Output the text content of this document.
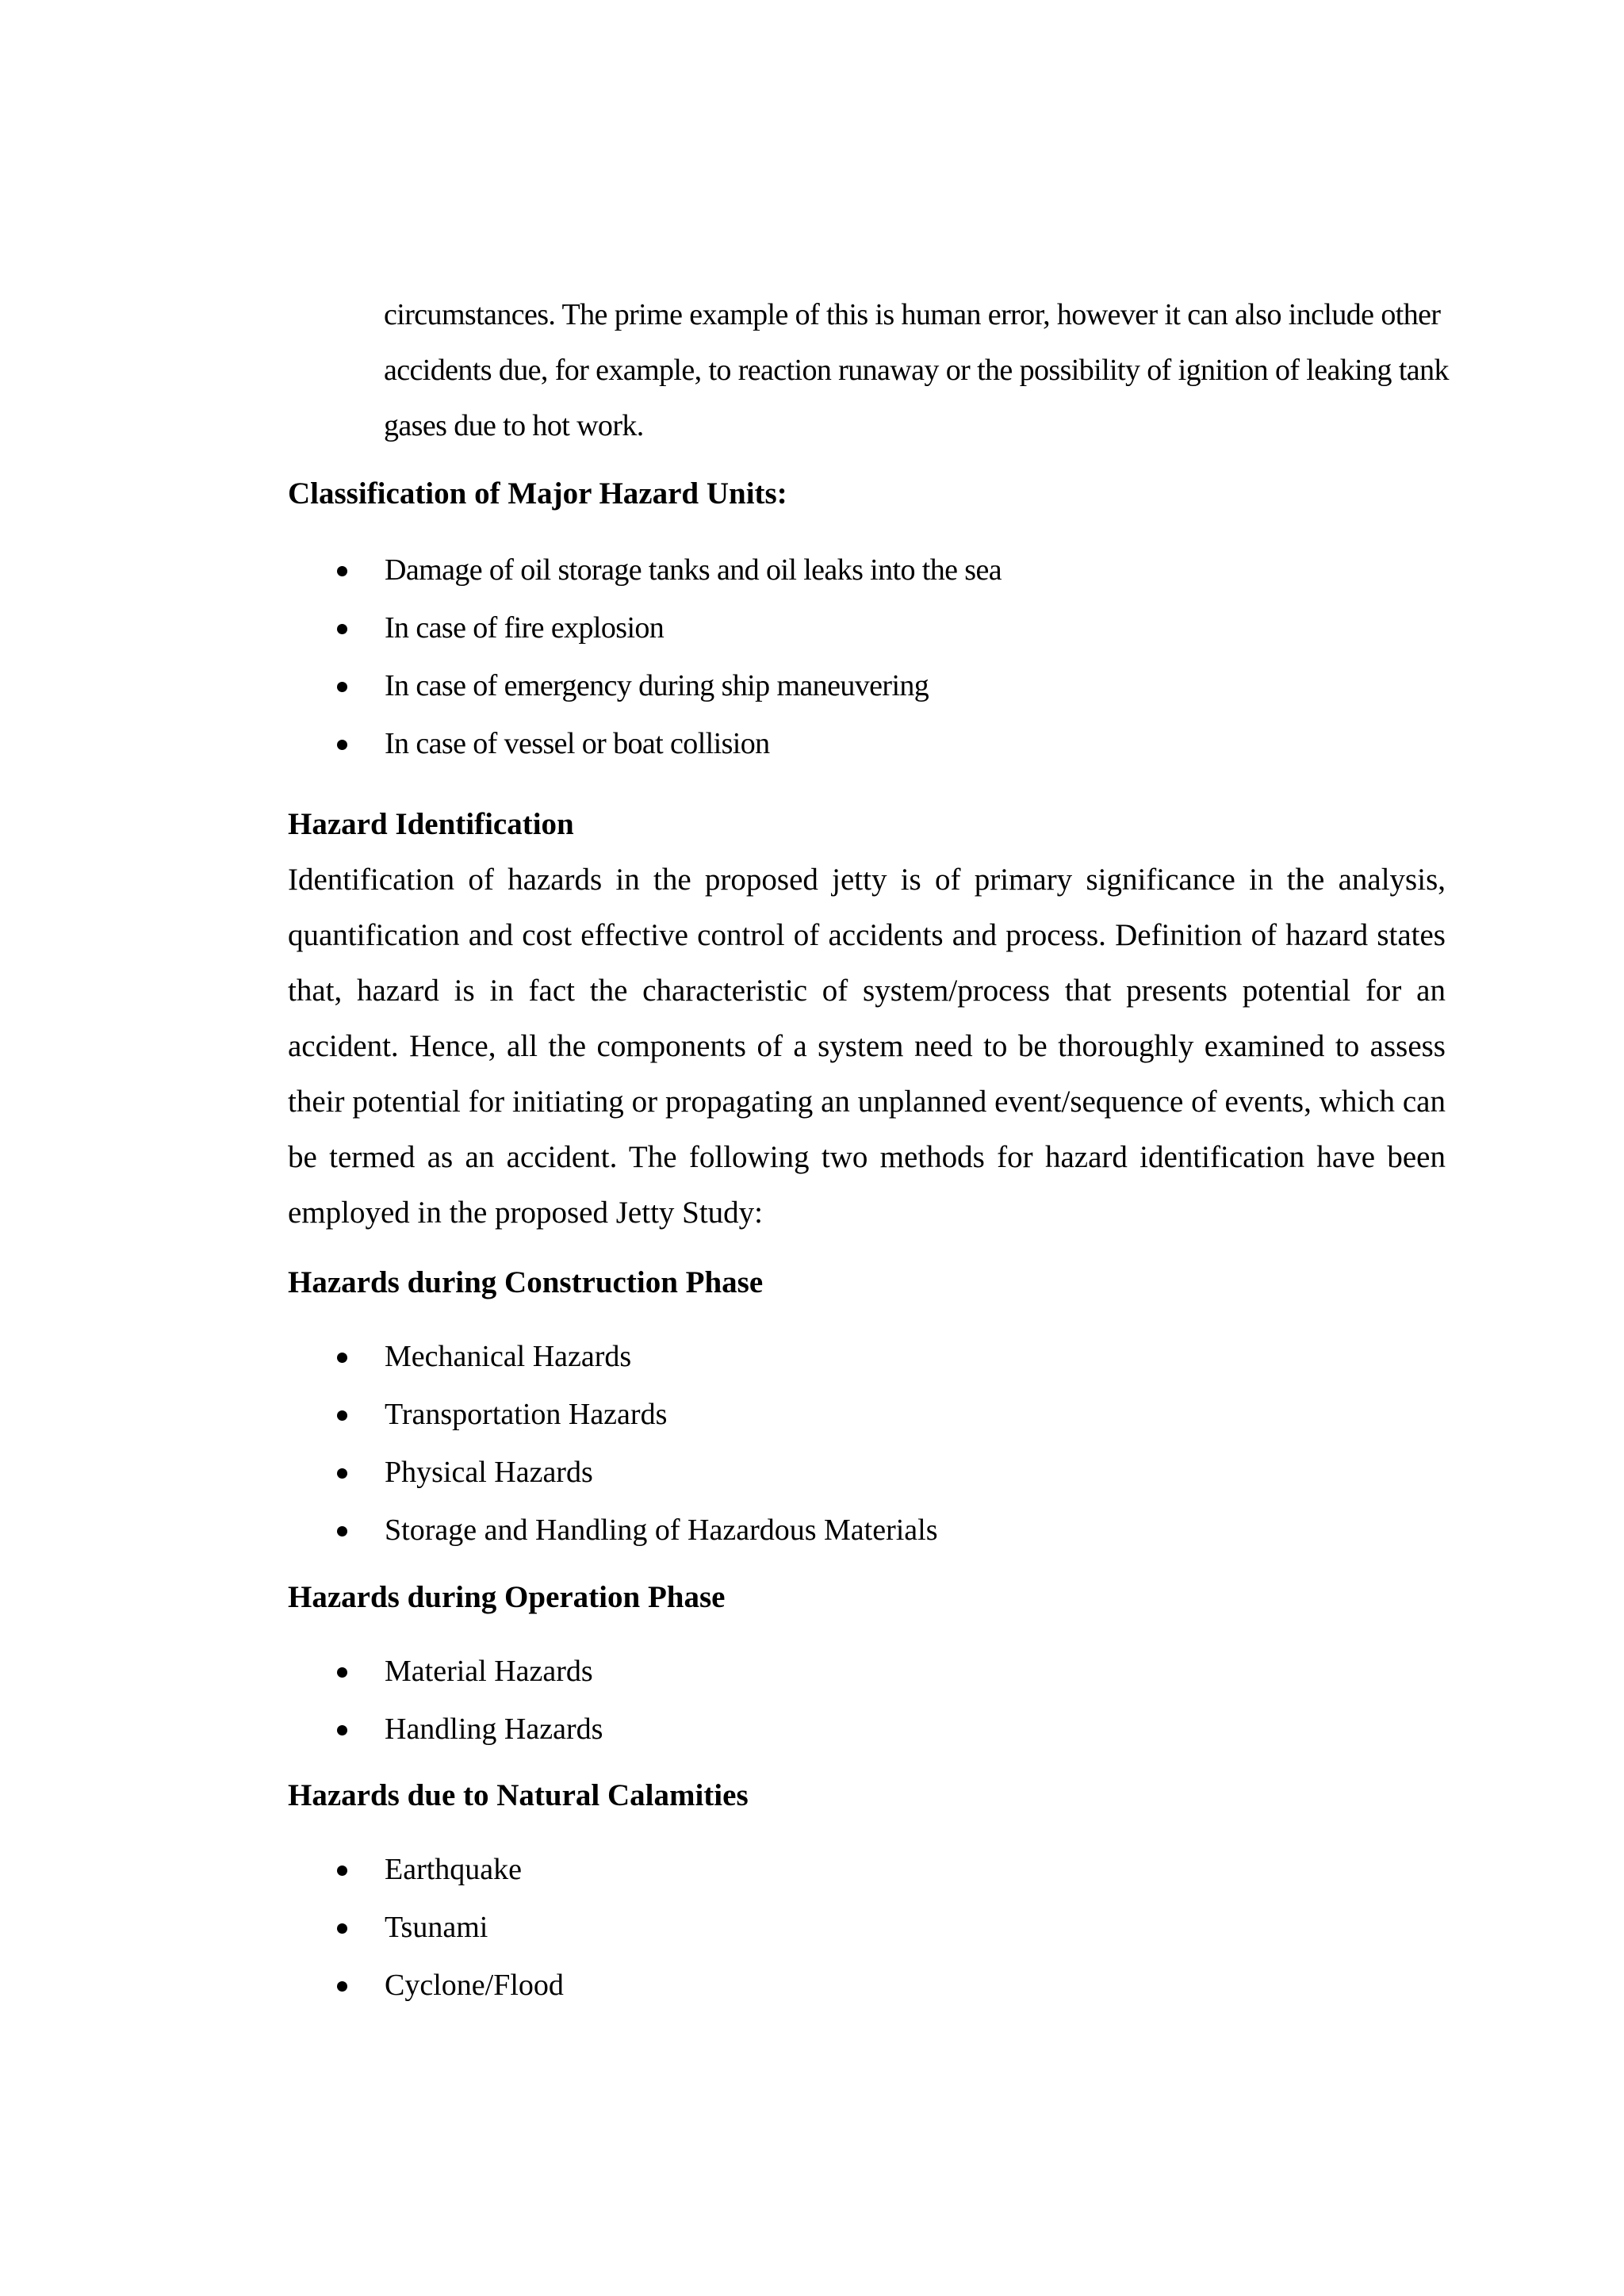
circumstances. The prime example of this is human error, however it can also include other accidents due, for example, to reaction runaway or the possibility of ignition of leaking tank gases due to hot work.

Classification of Major Hazard Units:
Damage of oil storage tanks and oil leaks into the sea
In case of fire explosion
In case of emergency during ship maneuvering
In case of vessel or boat collision
Hazard Identification

Identification of hazards in the proposed jetty is of primary significance in the analysis, quantification and cost effective control of accidents and process. Definition of hazard states that, hazard is in fact the characteristic of system/process that presents potential for an accident. Hence, all the components of a system need to be thoroughly examined to assess their potential for initiating or propagating an unplanned event/sequence of events, which can be termed as an accident. The following two methods for hazard identification have been employed in the proposed Jetty Study:

Hazards during Construction Phase
Mechanical Hazards
Transportation Hazards
Physical Hazards
Storage and Handling of Hazardous Materials
Hazards during Operation Phase
Material Hazards
Handling Hazards
Hazards due to Natural Calamities
Earthquake
Tsunami
Cyclone/Flood
